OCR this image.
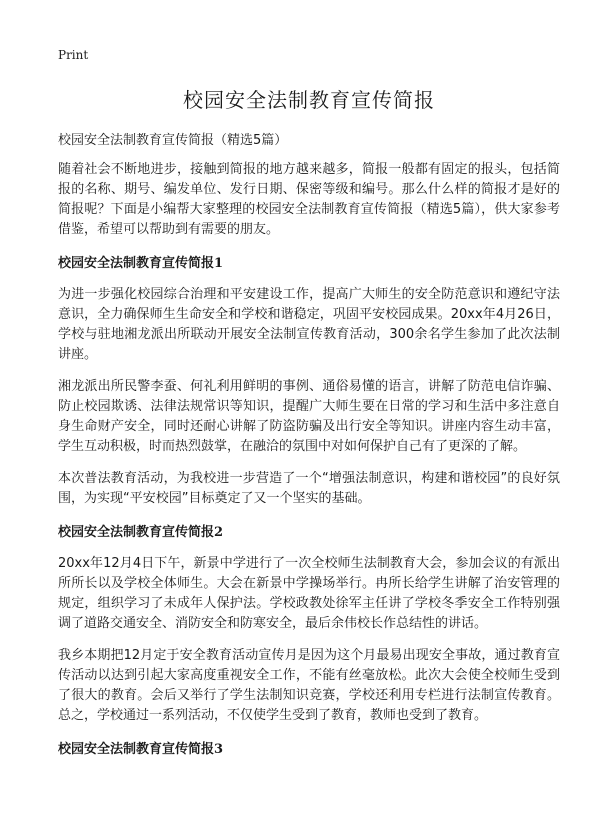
Print
校园安全法制教育宣传简报

校园安全法制教育宣传简报（精选5篇）

随着社会不断地进步，接触到简报的地方越来越多，简报一般都有固定的报头，包括简报的名称、期号、编发单位、发行日期、保密等级和编号。那么什么样的简报才是好的简报呢？下面是小编帮大家整理的校园安全法制教育宣传简报（精选5篇），供大家参考借鉴，希望可以帮助到有需要的朋友。

校园安全法制教育宣传简报1

为进一步强化校园综合治理和平安建设工作，提高广大师生的安全防范意识和遵纪守法意识，全力确保师生生命安全和学校和谐稳定，巩固平安校园成果。20xx年4月26日，学校与驻地湘龙派出所联动开展安全法制宣传教育活动，300余名学生参加了此次法制讲座。

湘龙派出所民警李蚕、何礼利用鲜明的事例、通俗易懂的语言，讲解了防范电信诈骗、防止校园欺诱、法律法规常识等知识，提醒广大师生要在日常的学习和生活中多注意自身生命财产安全，同时还耐心讲解了防盗防骗及出行安全等知识。讲座内容生动丰富，学生互动积极，时而热烈鼓掌，在融洽的氛围中对如何保护自己有了更深的了解。

本次普法教育活动，为我校进一步营造了一个“增强法制意识，构建和谐校园”的良好氛围，为实现“平安校园”目标奠定了又一个坚实的基础。

校园安全法制教育宣传简报2

20xx年12月4日下午，新景中学进行了一次全校师生法制教育大会，参加会议的有派出所所长以及学校全体师生。大会在新景中学操场举行。冉所长给学生讲解了治安管理的规定，组织学习了未成年人保护法。学校政教处徐军主任讲了学校冬季安全工作特别强调了道路交通安全、消防安全和防寒安全，最后余伟校长作总结性的讲话。

我乡本期把12月定于安全教育活动宣传月是因为这个月最易出现安全事故，通过教育宣传活动以达到引起大家高度重视安全工作，不能有丝毫放松。此次大会使全校师生受到了很大的教育。会后又举行了学生法制知识竞赛，学校还利用专栏进行法制宣传教育。总之，学校通过一系列活动，不仅使学生受到了教育，教师也受到了教育。

校园安全法制教育宣传简报3
